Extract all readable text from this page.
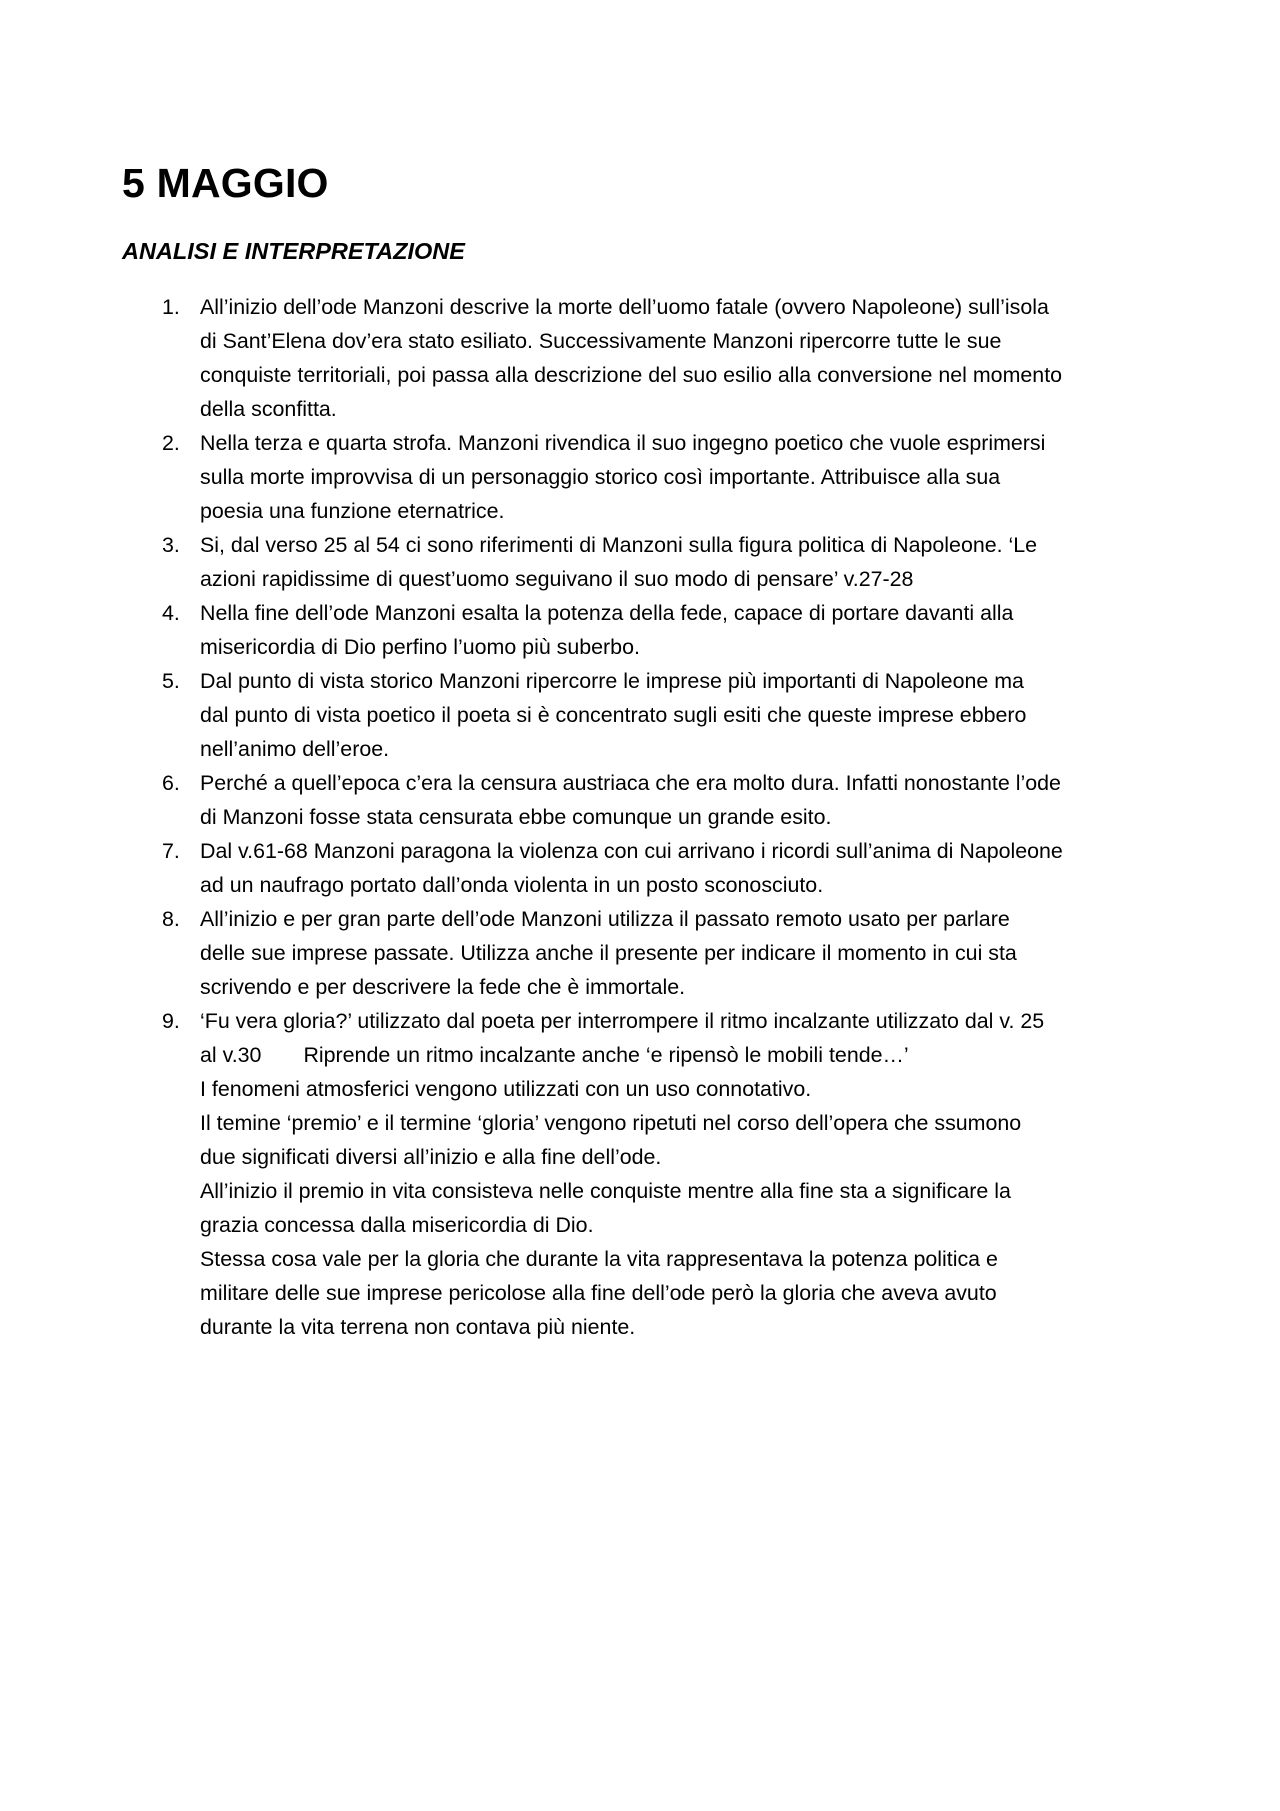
5 MAGGIO
ANALISI E INTERPRETAZIONE
1. All’inizio dell’ode Manzoni descrive la morte dell’uomo fatale (ovvero Napoleone) sull’isola
di Sant’Elena dov’era stato esiliato. Successivamente Manzoni ripercorre tutte le sue
conquiste territoriali, poi passa alla descrizione del suo esilio alla conversione nel momento
della sconfitta.
2. Nella terza e quarta strofa. Manzoni rivendica il suo ingegno poetico che vuole esprimersi
sulla morte improvvisa di un personaggio storico così importante. Attribuisce alla sua
poesia una funzione eternatrice.
3. Si, dal verso 25 al 54 ci sono riferimenti di Manzoni sulla figura politica di Napoleone. ‘Le
azioni rapidissime di quest’uomo seguivano il suo modo di pensare’ v.27-28
4. Nella fine dell’ode Manzoni esalta la potenza della fede, capace di portare davanti alla
misericordia di Dio perfino l’uomo più suberbo.
5. Dal punto di vista storico Manzoni ripercorre le imprese più importanti di Napoleone ma
dal punto di vista poetico il poeta si è concentrato sugli esiti che queste imprese ebbero
nell’animo dell’eroe.
6. Perché a quell’epoca c’era la censura austriaca che era molto dura. Infatti nonostante l’ode
di Manzoni fosse stata censurata ebbe comunque un grande esito.
7. Dal v.61-68 Manzoni paragona la violenza con cui arrivano i ricordi sull’anima di Napoleone
ad un naufrago portato dall’onda violenta in un posto sconosciuto.
8. All’inizio e per gran parte dell’ode Manzoni utilizza il passato remoto usato per parlare
delle sue imprese passate. Utilizza anche il presente per indicare il momento in cui sta
scrivendo e per descrivere la fede che è immortale.
9. ‘Fu vera gloria?’ utilizzato dal poeta per interrompere il ritmo incalzante utilizzato dal v. 25
al v.30 Riprende un ritmo incalzante anche ‘e ripensò le mobili tende…’
I fenomeni atmosferici vengono utilizzati con un uso connotativo.
Il temine ‘premio’ e il termine ‘gloria’ vengono ripetuti nel corso dell’opera che ssumono
due significati diversi all’inizio e alla fine dell’ode.
All’inizio il premio in vita consisteva nelle conquiste mentre alla fine sta a significare la
grazia concessa dalla misericordia di Dio.
Stessa cosa vale per la gloria che durante la vita rappresentava la potenza politica e
militare delle sue imprese pericolose alla fine dell’ode però la gloria che aveva avuto
durante la vita terrena non contava più niente.
